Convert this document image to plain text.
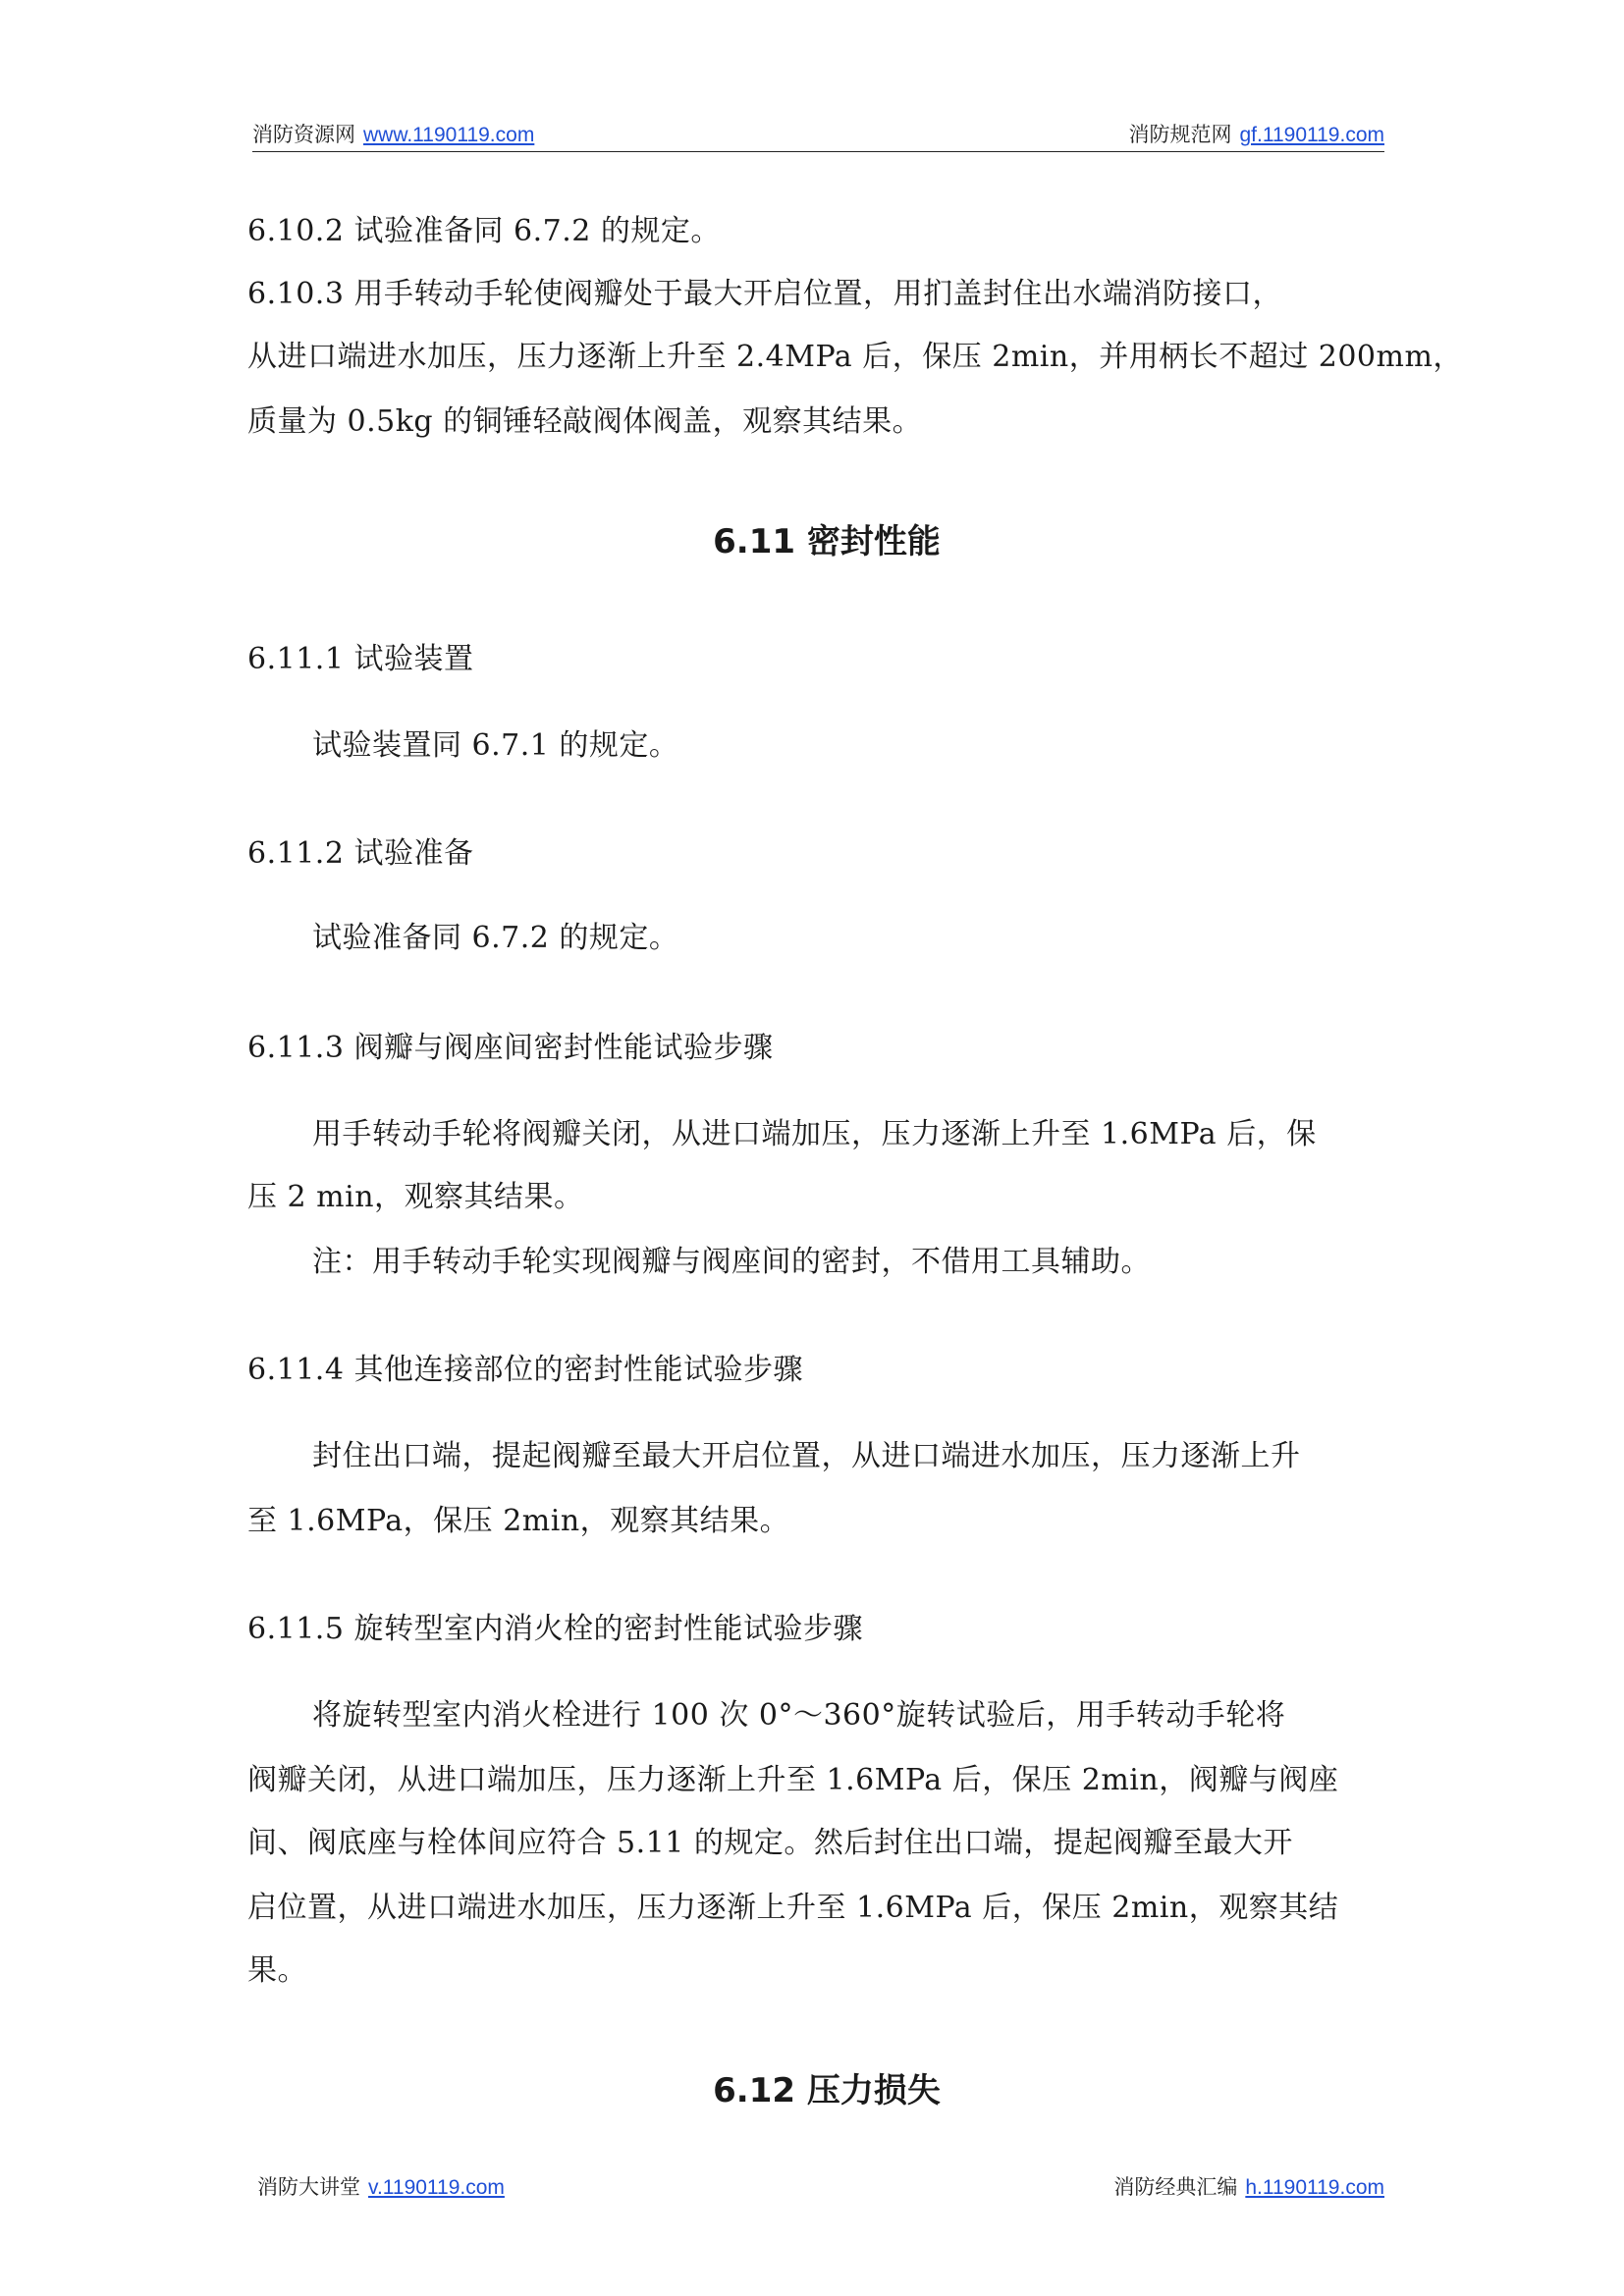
消防资源网 www.1190119.com	消防规范网 gf.1190119.com
6.10.2 试验准备同 6.7.2 的规定。
6.10.3 用手转动手轮使阀瓣处于最大开启位置，用扪盖封住出水端消防接口，
从进口端进水加压，压力逐渐上升至 2.4MPa 后，保压 2min，并用柄长不超过 200mm，
质量为 0.5kg 的铜锤轻敲阀体阀盖，观察其结果。
6.11 密封性能
6.11.1 试验装置
试验装置同 6.7.1 的规定。
6.11.2 试验准备
试验准备同 6.7.2 的规定。
6.11.3 阀瓣与阀座间密封性能试验步骤
用手转动手轮将阀瓣关闭，从进口端加压，压力逐渐上升至 1.6MPa 后，保
压 2 min，观察其结果。
注：用手转动手轮实现阀瓣与阀座间的密封，不借用工具辅助。
6.11.4 其他连接部位的密封性能试验步骤
封住出口端，提起阀瓣至最大开启位置，从进口端进水加压，压力逐渐上升
至 1.6MPa，保压 2min，观察其结果。
6.11.5 旋转型室内消火栓的密封性能试验步骤
将旋转型室内消火栓进行 100 次 0°～360°旋转试验后，用手转动手轮将
阀瓣关闭，从进口端加压，压力逐渐上升至 1.6MPa 后，保压 2min，阀瓣与阀座
间、阀底座与栓体间应符合 5.11 的规定。然后封住出口端，提起阀瓣至最大开
启位置，从进口端进水加压，压力逐渐上升至 1.6MPa 后，保压 2min，观察其结
果。
6.12 压力损失
消防大讲堂 v.1190119.com	消防经典汇编 h.1190119.com
